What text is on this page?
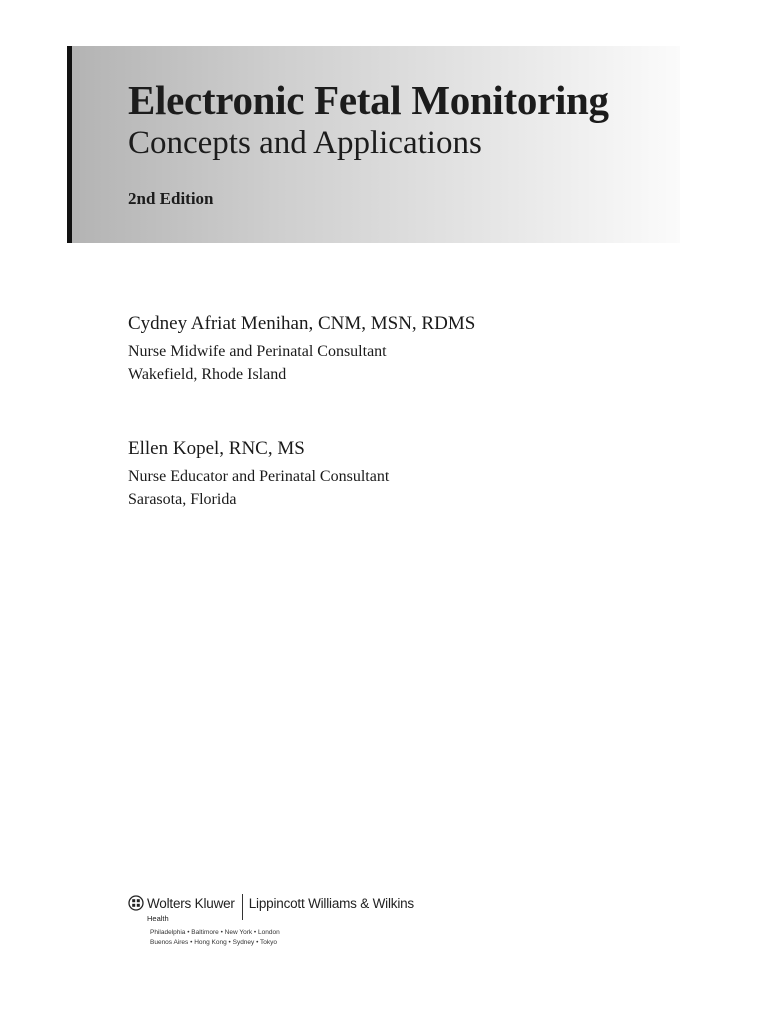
Electronic Fetal Monitoring
Concepts and Applications
2nd Edition
Cydney Afriat Menihan, CNM, MSN, RDMS
Nurse Midwife and Perinatal Consultant
Wakefield, Rhode Island
Ellen Kopel, RNC, MS
Nurse Educator and Perinatal Consultant
Sarasota, Florida
Wolters Kluwer
Health
Lippincott Williams & Wilkins
Philadelphia • Baltimore • New York • London
Buenos Aires • Hong Kong • Sydney • Tokyo
